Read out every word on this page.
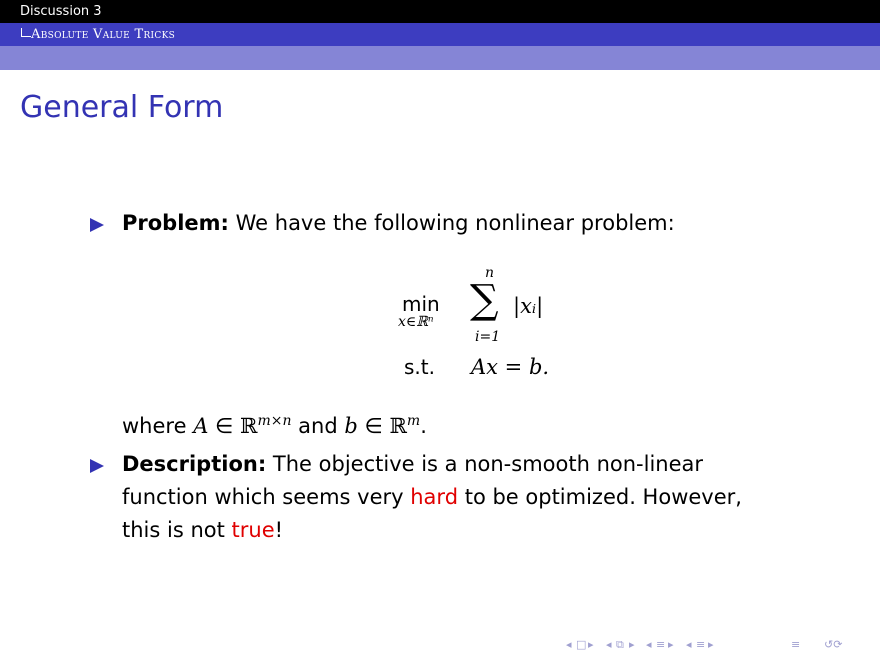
Discussion 3
Absolute Value Tricks
General Form
Problem: We have the following nonlinear problem:
min
x∈ℝⁿ
n
∑
i=1
|xᵢ|
s.t. Ax = b.
where A ∈ ℝ$^{m\times n}$ and b ∈ ℝ$^m$.
Description: The objective is a non-smooth non-linear
function which seems very hard to be optimized. However,
this is not true!
◂ □ ▸ ◂ ⧉ ▸ ◂ ≡ ▸ ◂ ≡ ▸	≡ ↺⟳
